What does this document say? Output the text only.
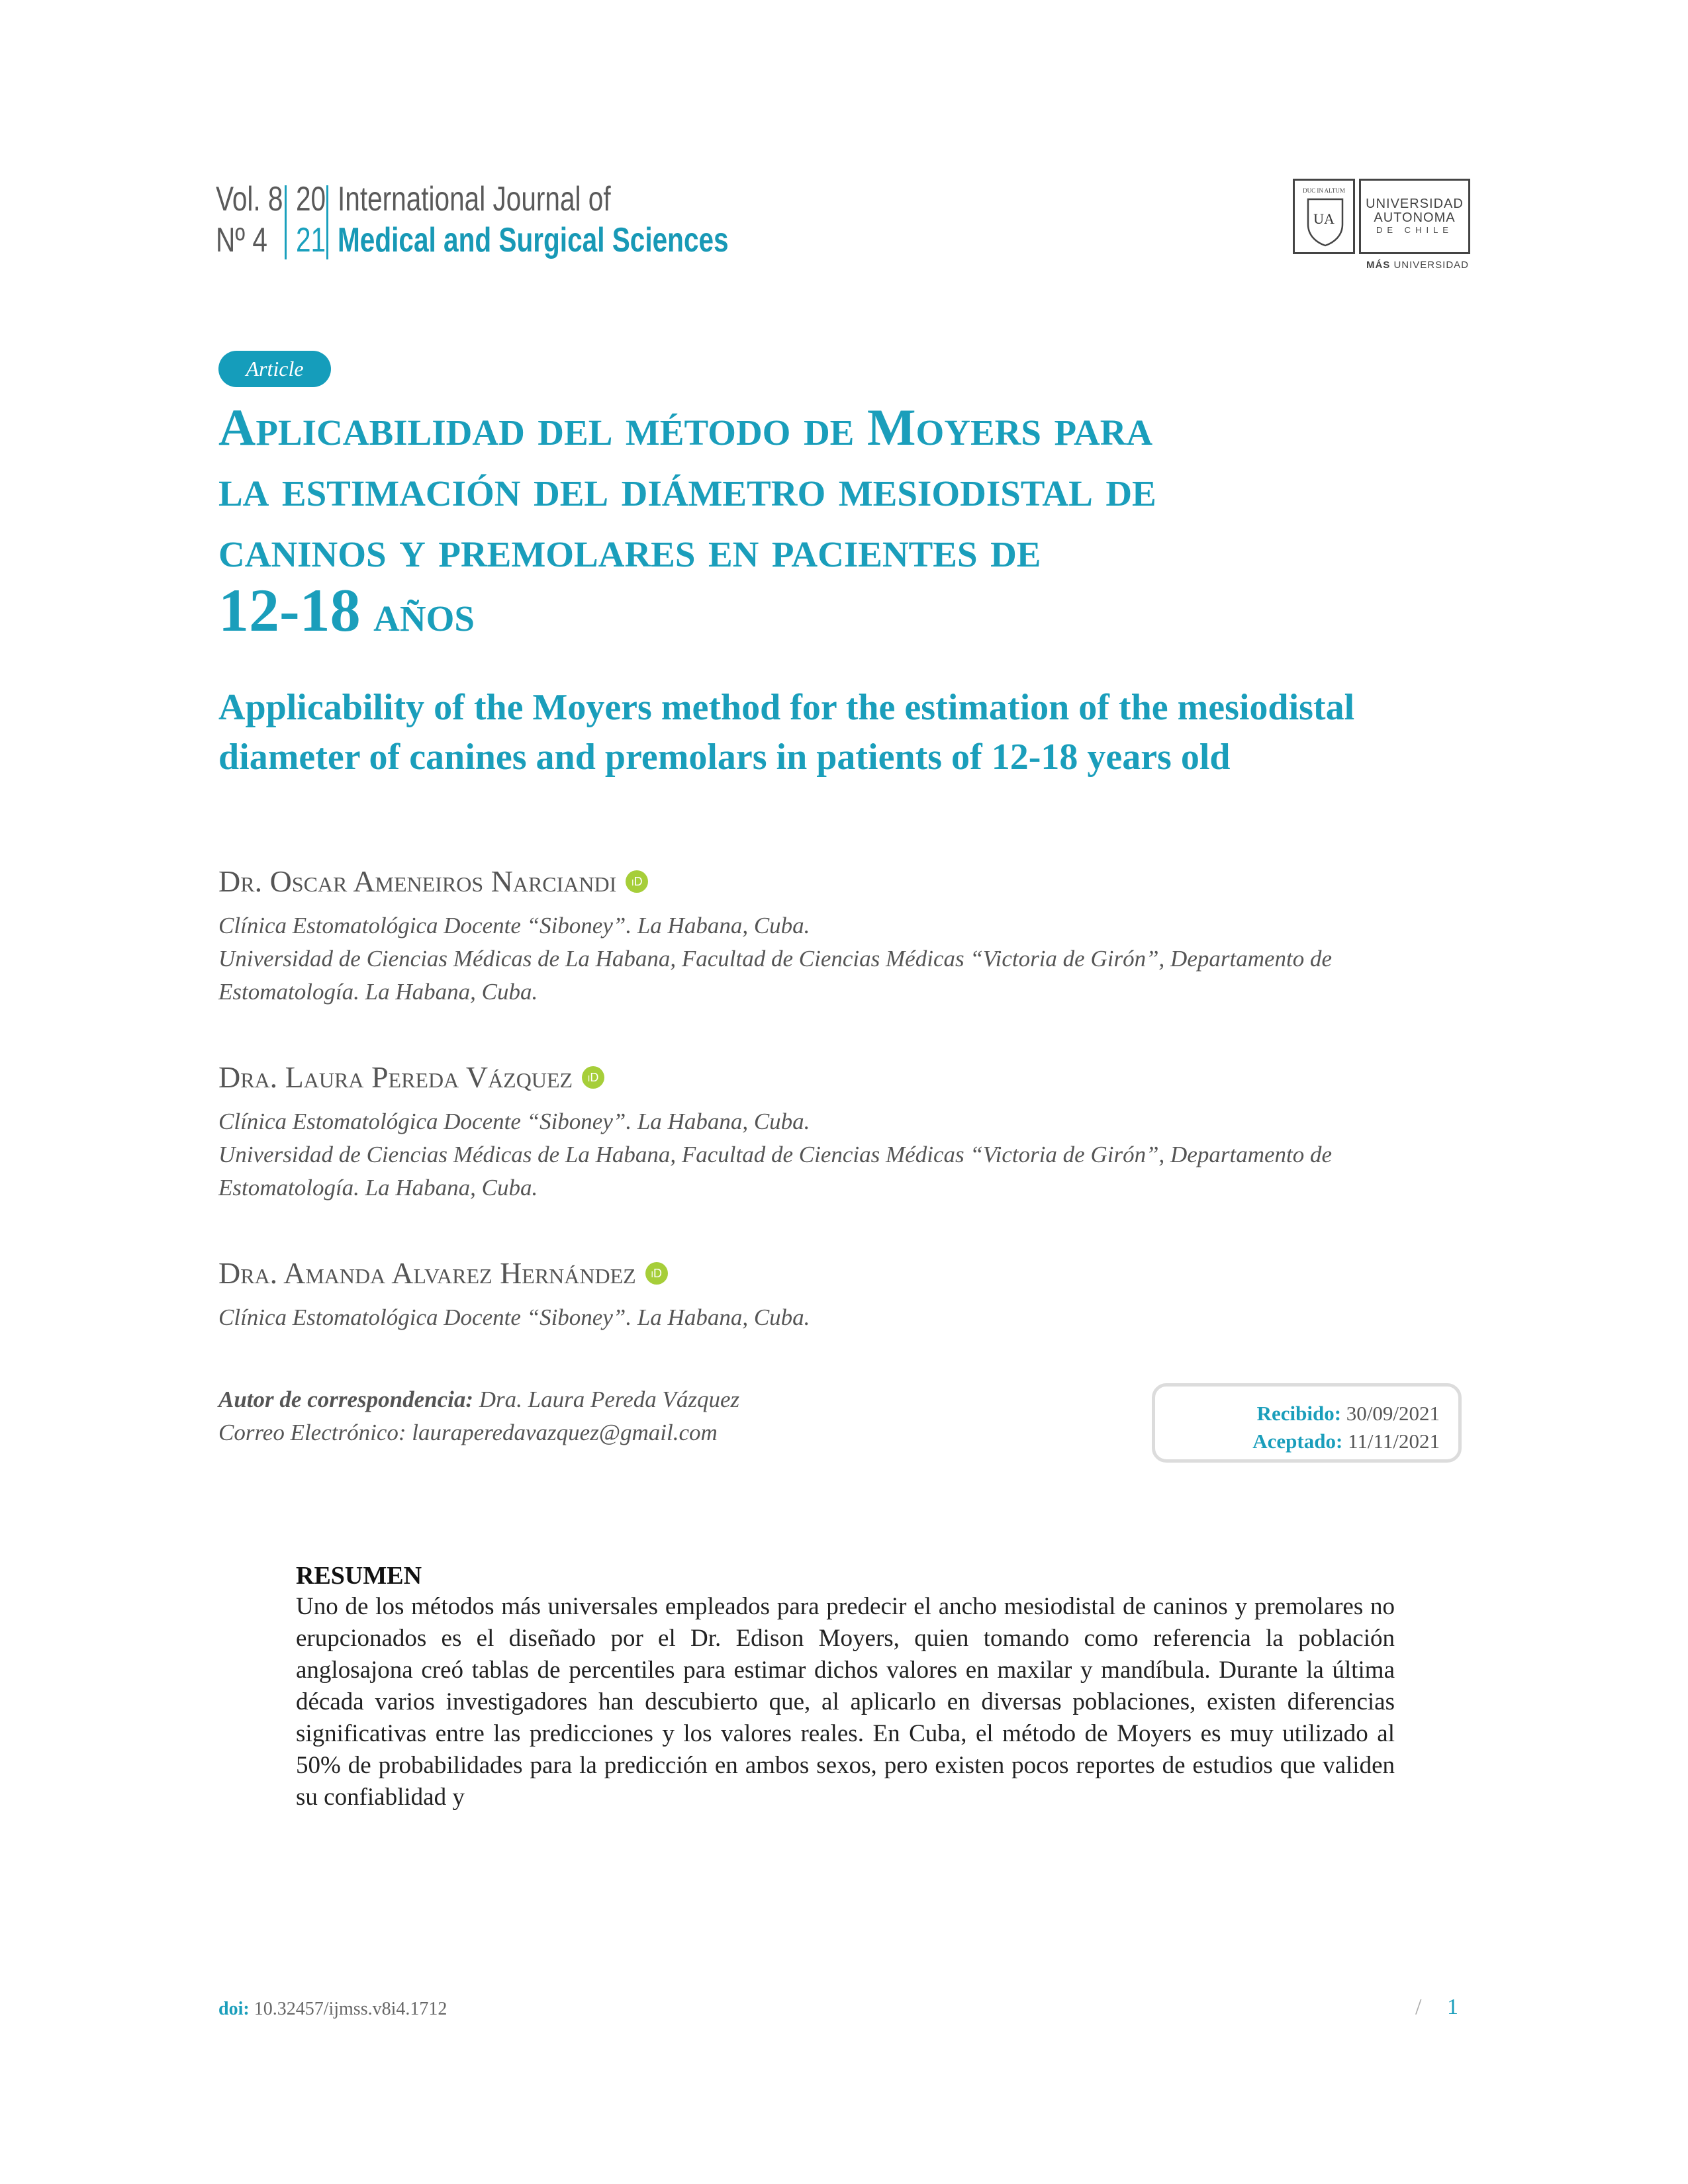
Vol. 8
Nº 4
20
21
International Journal of
Medical and Surgical Sciences
DUC IN ALTUM
UA
UNIVERSIDAD
AUTONOMA
DE CHILE
MÁS UNIVERSIDAD
Article
Aplicabilidad del método de Moyers para
la estimación del diámetro mesiodistal de
caninos y premolares en pacientes de
12-18 años
Applicability of the Moyers method for the estimation of the mesiodistal diameter of canines and premolars in patients of 12-18 years old
Dr. Oscar Ameneiros Narciandi	iD
Clínica Estomatológica Docente “Siboney”. La Habana, Cuba.
Universidad de Ciencias Médicas de La Habana, Facultad de Ciencias Médicas “Victoria de Girón”, Departamento de Estomatología. La Habana, Cuba.
Dra. Laura Pereda Vázquez	iD
Clínica Estomatológica Docente “Siboney”. La Habana, Cuba.
Universidad de Ciencias Médicas de La Habana, Facultad de Ciencias Médicas “Victoria de Girón”, Departamento de Estomatología. La Habana, Cuba.
Dra. Amanda Alvarez Hernández	iD
Clínica Estomatológica Docente “Siboney”. La Habana, Cuba.
Autor de correspondencia: Dra. Laura Pereda Vázquez
Correo Electrónico: lauraperedavazquez@gmail.com
Recibido: 30/09/2021
Aceptado: 11/11/2021
RESUMEN
Uno de los métodos más universales empleados para predecir el ancho mesiodistal de caninos y premolares no erupcionados es el diseñado por el Dr. Edison Moyers, quien tomando como referencia la población anglosajona creó tablas de percentiles para estimar dichos valores en maxilar y mandíbula. Durante la última década varios investigadores han descubierto que, al aplicarlo en diversas poblaciones, existen diferencias significativas entre las predicciones y los valores reales. En Cuba, el método de Moyers es muy utilizado al 50% de probabilidades para la predicción en ambos sexos, pero existen pocos reportes de estudios que validen su confiablidad y
doi: 10.32457/ijmss.v8i4.1712	/ 1
